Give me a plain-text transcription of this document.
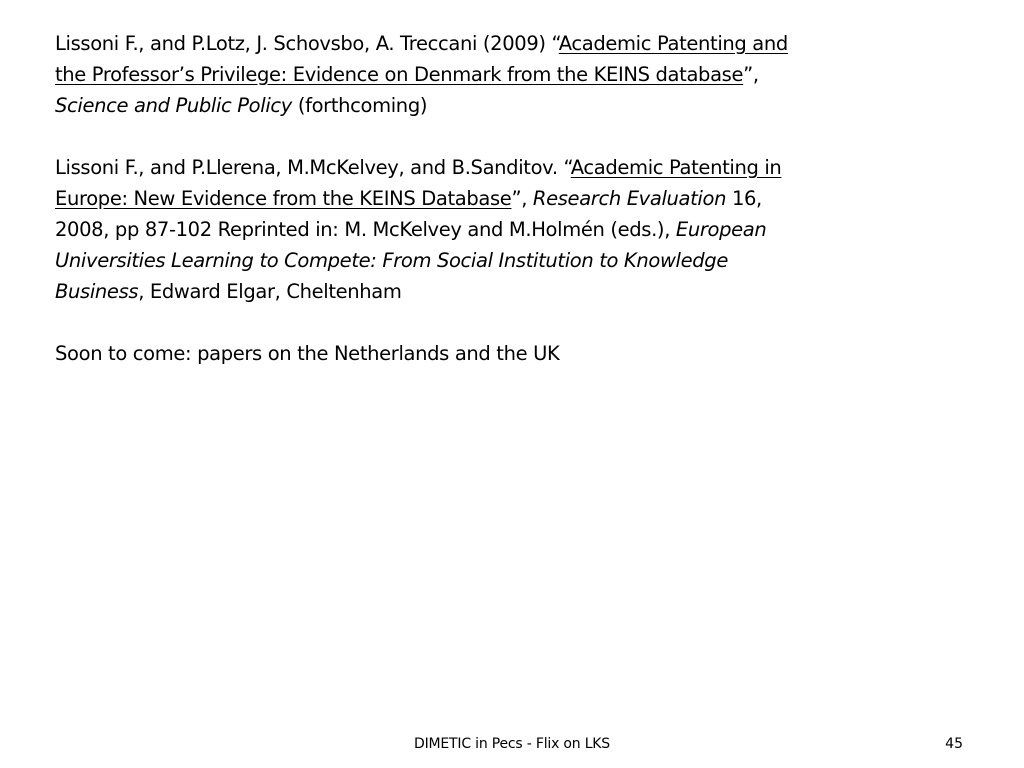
Lissoni F., and P.Lotz, J. Schovsbo, A. Treccani (2009) “Academic Patenting and
the Professor’s Privilege: Evidence on Denmark from the KEINS database”,
Science and Public Policy (forthcoming)
Lissoni F., and P.Llerena, M.McKelvey, and B.Sanditov. “Academic Patenting in
Europe: New Evidence from the KEINS Database”, Research Evaluation 16,
2008, pp 87-102 Reprinted in: M. McKelvey and M.Holmén (eds.), European
Universities Learning to Compete: From Social Institution to Knowledge
Business, Edward Elgar, Cheltenham
Soon to come: papers on the Netherlands and the UK
DIMETIC in Pecs - Flix on LKS	45
